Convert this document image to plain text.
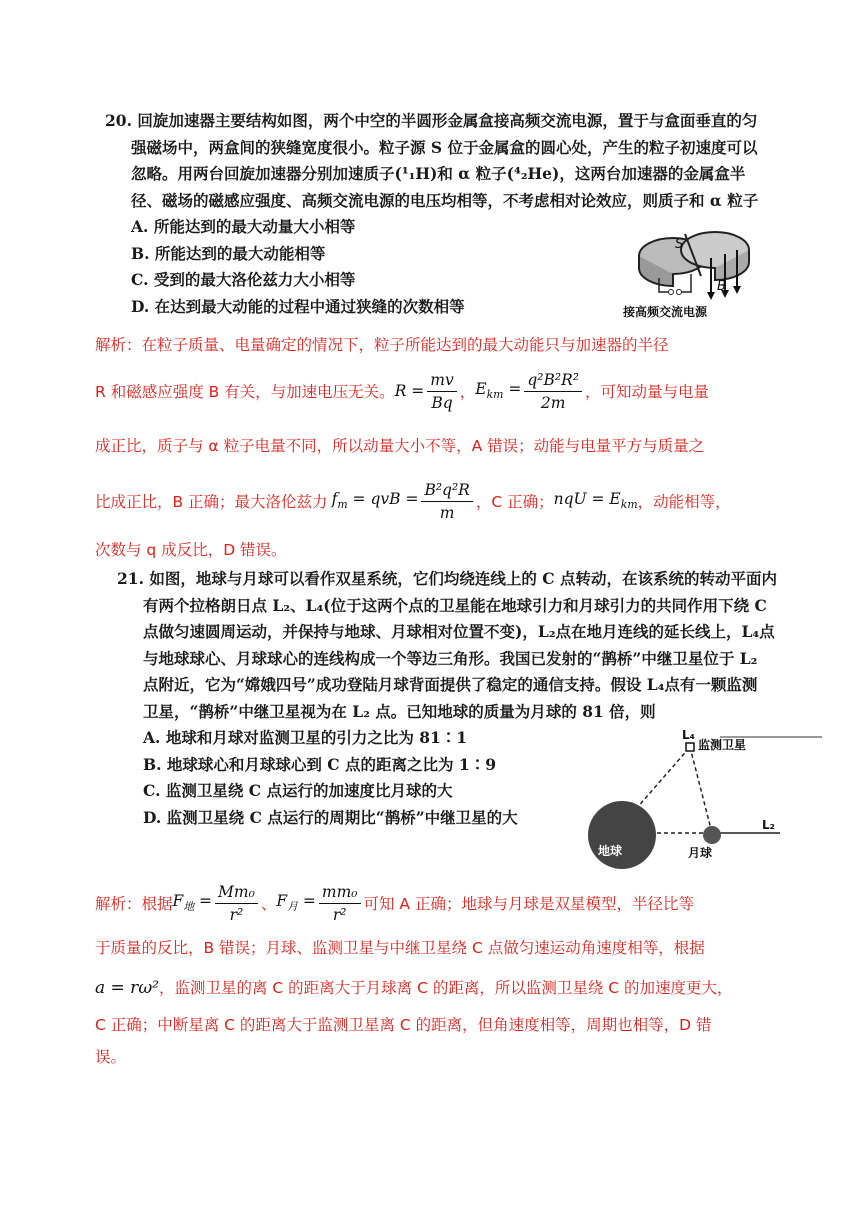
20. 回旋加速器主要结构如图，两个中空的半圆形金属盒接高频交流电源，置于与盒面垂直的匀
强磁场中，两盒间的狭缝宽度很小。粒子源 S 位于金属盒的圆心处，产生的粒子初速度可以
忽略。用两台回旋加速器分别加速质子(¹₁H)和 α 粒子(⁴₂He)，这两台加速器的金属盒半
径、磁场的磁感应强度、高频交流电源的电压均相等，不考虑相对论效应，则质子和 α 粒子
A. 所能达到的最大动量大小相等
B. 所能达到的最大动能相等
C. 受到的最大洛伦兹力大小相等
D. 在达到最大动能的过程中通过狭缝的次数相等
S
B
接高频交流电源
解析：在粒子质量、电量确定的情况下，粒子所能达到的最大动能只与加速器的半径
R 和磁感应强度 B 有关，与加速电压无关。 $R = \frac{mv}{Bq}$ ， $E_{km} = \frac{\text{q²B²R²}}{2m}$ ，可知动量与电量
成正比，质子与 α 粒子电量不同，所以动量大小不等，A 错误；动能与电量平方与质量之
比成正比，B 正确；最大洛伦兹力 $f_m$ = qvB = $\frac{\text{B²q²R}}{m}$ ，C 正确； nqU = $E_{km}$ ，动能相等，
次数与 q 成反比，D 错误。
21. 如图，地球与月球可以看作双星系统，它们均绕连线上的 C 点转动，在该系统的转动平面内
有两个拉格朗日点 L₂、L₄(位于这两个点的卫星能在地球引力和月球引力的共同作用下绕 C
点做匀速圆周运动，并保持与地球、月球相对位置不变)，L₂点在地月连线的延长线上，L₄点
与地球球心、月球球心的连线构成一个等边三角形。我国已发射的“鹊桥”中继卫星位于 L₂
点附近，它为“嫦娥四号”成功登陆月球背面提供了稳定的通信支持。假设 L₄点有一颗监测
卫星，“鹊桥”中继卫星视为在 L₂ 点。已知地球的质量为月球的 81 倍，则
A. 地球和月球对监测卫星的引力之比为 81∶1
B. 地球球心和月球球心到 C 点的距离之比为 1∶9
C. 监测卫星绕 C 点运行的加速度比月球的大
D. 监测卫星绕 C 点运行的周期比“鹊桥”中继卫星的大
L₄
监测卫星
L₂
地球	月球
解析：根据 $F_地 = \frac{\text{Mm₀}}{\text{r²}}$ 、 $F_月 = \frac{\text{mm₀}}{\text{r²}}$ 可知 A 正确；地球与月球是双星模型，半径比等
于质量的反比，B 错误；月球、监测卫星与中继卫星绕 C 点做匀速运动角速度相等，根据
a = rω²，监测卫星的离 C 的距离大于月球离 C 的距离，所以监测卫星绕 C 的加速度更大，
C 正确；中断星离 C 的距离大于监测卫星离 C 的距离，但角速度相等，周期也相等，D 错
误。
